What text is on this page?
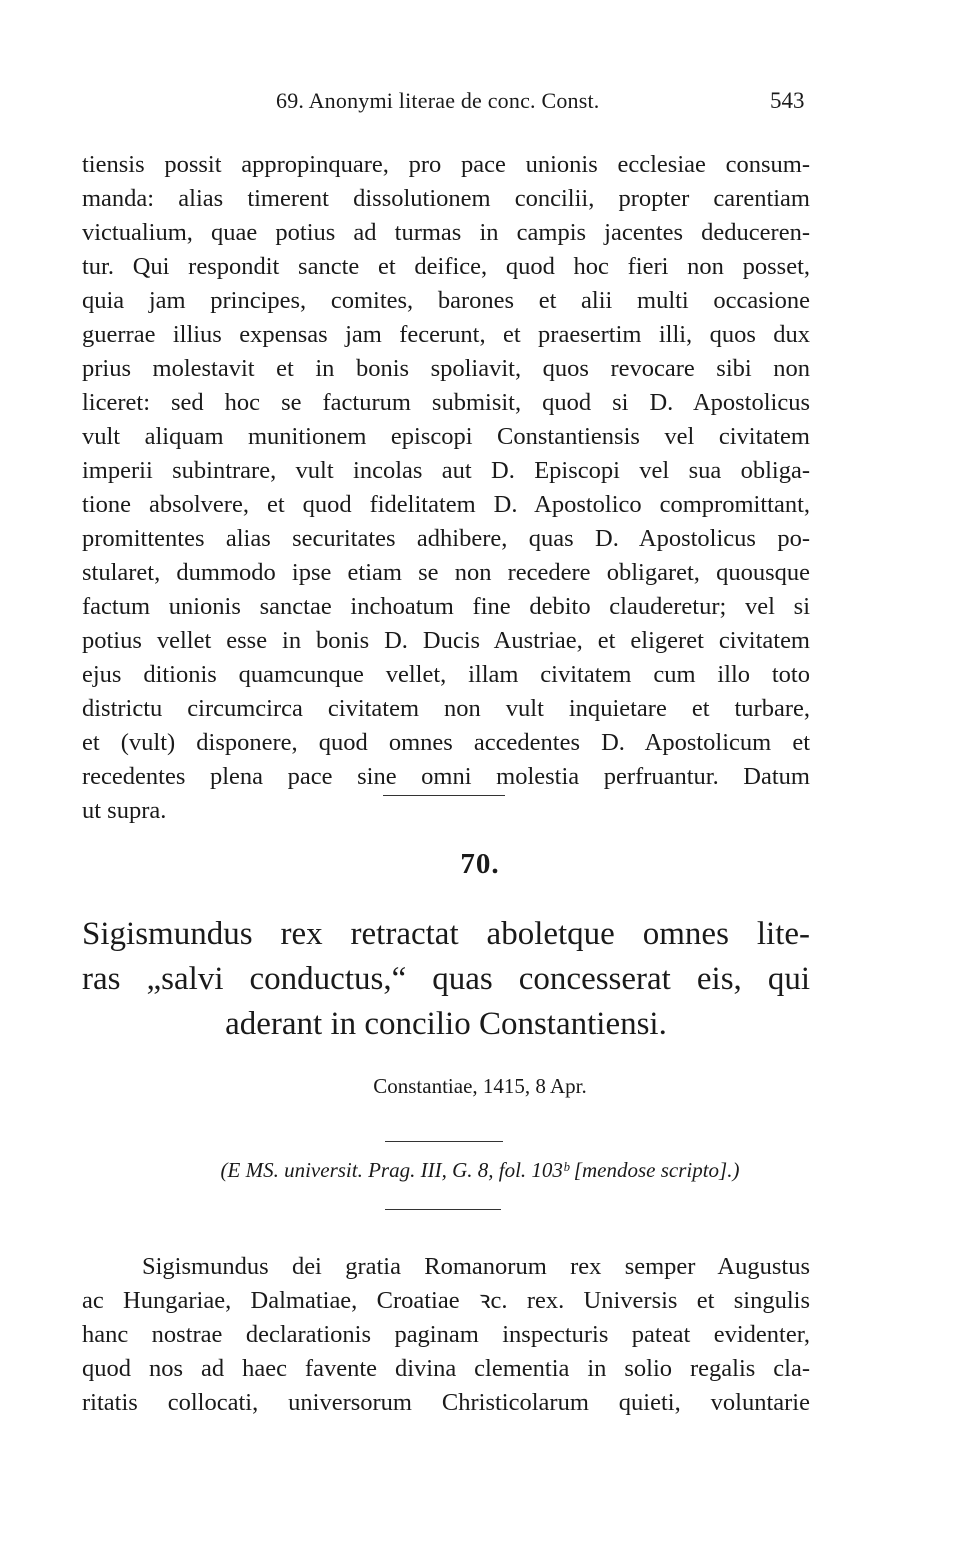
69. Anonymi literae de conc. Const.	543
tiensis possit appropinquare, pro pace unionis ecclesiae consum-
manda: alias timerent dissolutionem concilii, propter carentiam
victualium, quae potius ad turmas in campis jacentes deduceren-
tur. Qui respondit sancte et deifice, quod hoc fieri non posset,
quia jam principes, comites, barones et alii multi occasione
guerrae illius expensas jam fecerunt, et praesertim illi, quos dux
prius molestavit et in bonis spoliavit, quos revocare sibi non
liceret: sed hoc se facturum submisit, quod si D. Apostolicus
vult aliquam munitionem episcopi Constantiensis vel civitatem
imperii subintrare, vult incolas aut D. Episcopi vel sua obliga-
tione absolvere, et quod fidelitatem D. Apostolico compromittant,
promittentes alias securitates adhibere, quas D. Apostolicus po-
stularet, dummodo ipse etiam se non recedere obligaret, quousque
factum unionis sanctae inchoatum fine debito clauderetur; vel si
potius vellet esse in bonis D. Ducis Austriae, et eligeret civitatem
ejus ditionis quamcunque vellet, illam civitatem cum illo toto
districtu circumcirca civitatem non vult inquietare et turbare,
et (vult) disponere, quod omnes accedentes D. Apostolicum et
recedentes plena pace sine omni molestia perfruantur. Datum
ut supra.
70.
Sigismundus rex retractat aboletque omnes lite-
ras „salvi conductus,“ quas concesserat eis, qui
aderant in concilio Constantiensi.
Constantiae, 1415, 8 Apr.
(E MS. universit. Prag. III, G. 8, fol. 103ᵇ [mendose scripto].)
Sigismundus dei gratia Romanorum rex semper Augustus
ac Hungariae, Dalmatiae, Croatiae ꝛc. rex. Universis et singulis
hanc nostrae declarationis paginam inspecturis pateat evidenter,
quod nos ad haec favente divina clementia in solio regalis cla-
ritatis collocati, universorum Christicolarum quieti, voluntarie
